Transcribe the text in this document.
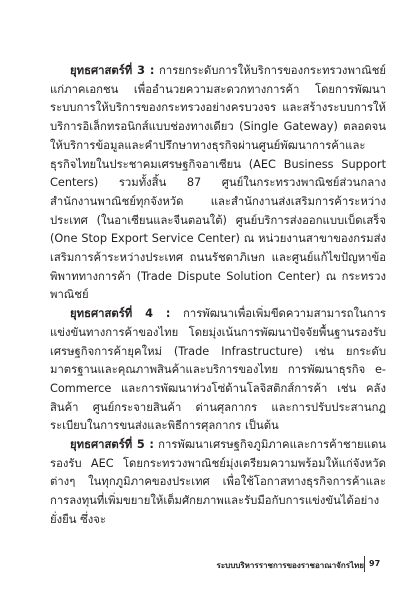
ยุทธศาสตร์ที่ 3 : การยกระดับการให้บริการของกระทรวงพาณิชย์แก่ภาคเอกชน เพื่ออำนวยความสะดวกทางการค้า โดยการพัฒนาระบบการให้บริการของกระทรวงอย่างครบวงจร และสร้างระบบการให้บริการอิเล็กทรอนิกส์แบบช่องทางเดียว (Single Gateway) ตลอดจนให้บริการข้อมูลและคำปรึกษาทางธุรกิจผ่านศูนย์พัฒนาการค้าและธุรกิจไทยในประชาคมเศรษฐกิจอาเซียน (AEC Business Support Centers) รวมทั้งสิ้น 87 ศูนย์ในกระทรวงพาณิชย์ส่วนกลาง สำนักงานพาณิชย์ทุกจังหวัด และสำนักงานส่งเสริมการค้าระหว่างประเทศ (ในอาเซียนและจีนตอนใต้) ศูนย์บริการส่งออกแบบเบ็ดเสร็จ (One Stop Export Service Center) ณ หน่วยงานสาขาของกรมส่งเสริมการค้าระหว่างประเทศ ถนนรัชดาภิเษก และศูนย์แก้ไขปัญหาข้อพิพาททางการค้า (Trade Dispute Solution Center) ณ กระทรวงพาณิชย์

ยุทธศาสตร์ที่ 4 : การพัฒนาเพื่อเพิ่มขีดความสามารถในการแข่งขันทางการค้าของไทย โดยมุ่งเน้นการพัฒนาปัจจัยพื้นฐานรองรับเศรษฐกิจการค้ายุคใหม่ (Trade Infrastructure) เช่น ยกระดับมาตรฐานและคุณภาพสินค้าและบริการของไทย การพัฒนาธุรกิจ e-Commerce และการพัฒนาห่วงโซ่ด้านโลจิสติกส์การค้า เช่น คลังสินค้า ศูนย์กระจายสินค้า ด่านศุลกากร และการปรับประสานกฎระเบียบในการขนส่งและพิธีการศุลกากร เป็นต้น

ยุทธศาสตร์ที่ 5 : การพัฒนาเศรษฐกิจภูมิภาคและการค้าชายแดนรองรับ AEC โดยกระทรวงพาณิชย์มุ่งเตรียมความพร้อมให้แก่จังหวัดต่างๆ ในทุกภูมิภาคของประเทศ เพื่อใช้โอกาสทางธุรกิจการค้าและการลงทุนที่เพิ่มขยายให้เต็มศักยภาพและรับมือกับการแข่งขันได้อย่างยั่งยืน ซึ่งจะ

ระบบบริหารราชการของราชอาณาจักรไทย 97
